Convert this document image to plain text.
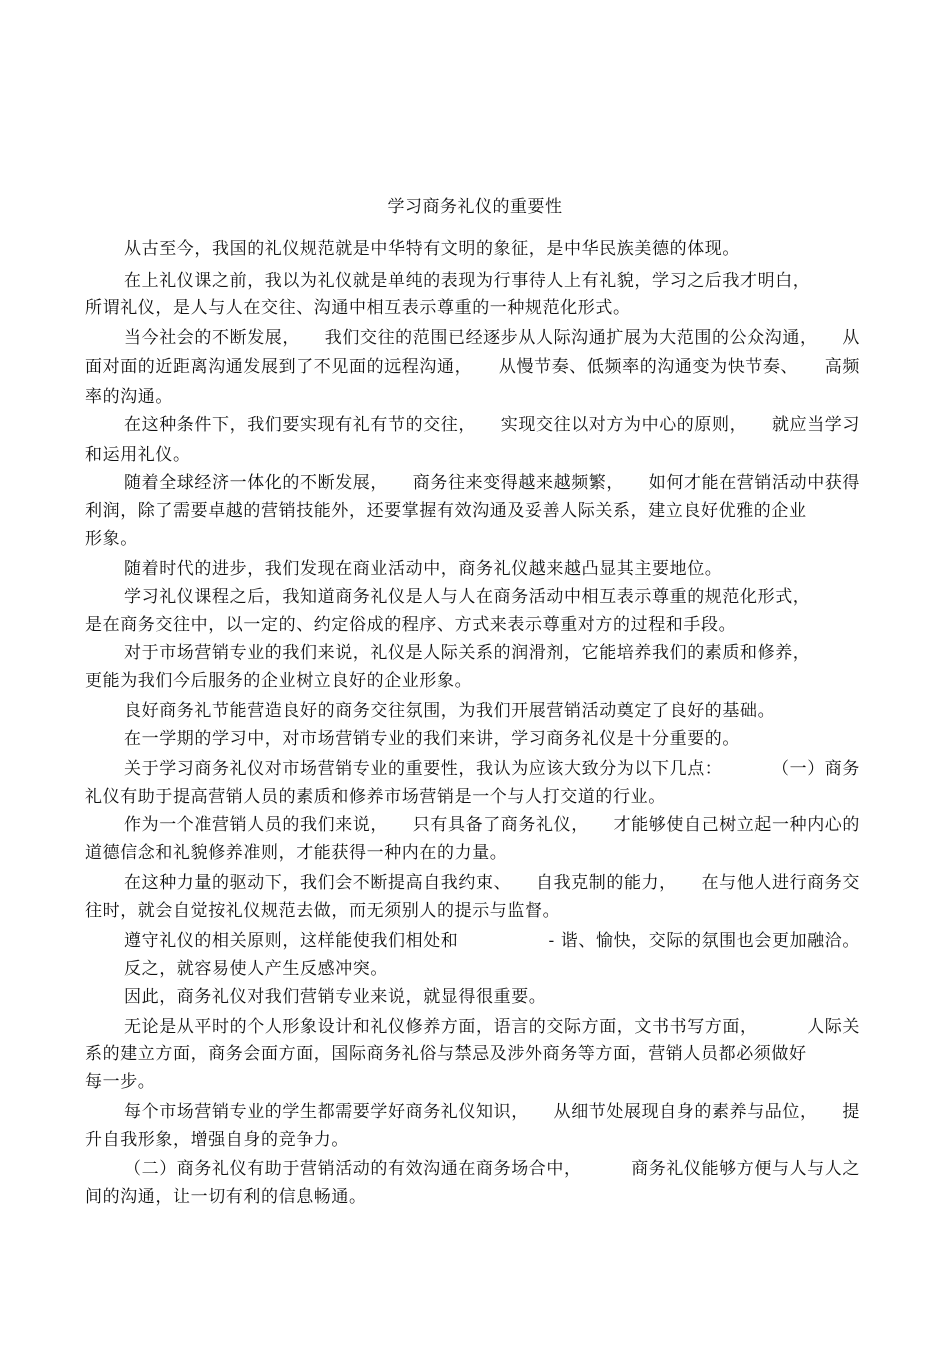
学习商务礼仪的重要性
从古至今，我国的礼仪规范就是中华特有文明的象征，是中华民族美德的体现。
在上礼仪课之前，我以为礼仪就是单纯的表现为行事待人上有礼貌，学习之后我才明白，
所谓礼仪，是人与人在交往、沟通中相互表示尊重的一种规范化形式。
当今社会的不断发展， 我们交往的范围已经逐步从人际沟通扩展为大范围的公众沟通， 从
面对面的近距离沟通发展到了不见面的远程沟通， 从慢节奏、低频率的沟通变为快节奏、 高频
率的沟通。
在这种条件下，我们要实现有礼有节的交往， 实现交往以对方为中心的原则， 就应当学习
和运用礼仪。
随着全球经济一体化的不断发展， 商务往来变得越来越频繁， 如何才能在营销活动中获得
利润，除了需要卓越的营销技能外，还要掌握有效沟通及妥善人际关系，建立良好优雅的企业
形象。
随着时代的进步，我们发现在商业活动中，商务礼仪越来越凸显其主要地位。
学习礼仪课程之后，我知道商务礼仪是人与人在商务活动中相互表示尊重的规范化形式，
是在商务交往中，以一定的、约定俗成的程序、方式来表示尊重对方的过程和手段。
对于市场营销专业的我们来说，礼仪是人际关系的润滑剂，它能培养我们的素质和修养，
更能为我们今后服务的企业树立良好的企业形象。
良好商务礼节能营造良好的商务交往氛围，为我们开展营销活动奠定了良好的基础。
在一学期的学习中，对市场营销专业的我们来讲，学习商务礼仪是十分重要的。
关于学习商务礼仪对市场营销专业的重要性，我认为应该大致分为以下几点：	（一）商务
礼仪有助于提高营销人员的素质和修养市场营销是一个与人打交道的行业。
作为一个准营销人员的我们来说， 只有具备了商务礼仪， 才能够使自己树立起一种内心的
道德信念和礼貌修养准则，才能获得一种内在的力量。
在这种力量的驱动下，我们会不断提高自我约束、 自我克制的能力， 在与他人进行商务交
往时，就会自觉按礼仪规范去做，而无须别人的提示与监督。
遵守礼仪的相关原则，这样能使我们相处和	- 谐、愉快，交际的氛围也会更加融洽。
反之，就容易使人产生反感冲突。
因此，商务礼仪对我们营销专业来说，就显得很重要。
无论是从平时的个人形象设计和礼仪修养方面，语言的交际方面，文书书写方面，	人际关
系的建立方面，商务会面方面，国际商务礼俗与禁忌及涉外商务等方面，营销人员都必须做好
每一步。
每个市场营销专业的学生都需要学好商务礼仪知识， 从细节处展现自身的素养与品位， 提
升自我形象，增强自身的竞争力。
（二）商务礼仪有助于营销活动的有效沟通在商务场合中，	商务礼仪能够方便与人与人之
间的沟通，让一切有利的信息畅通。
